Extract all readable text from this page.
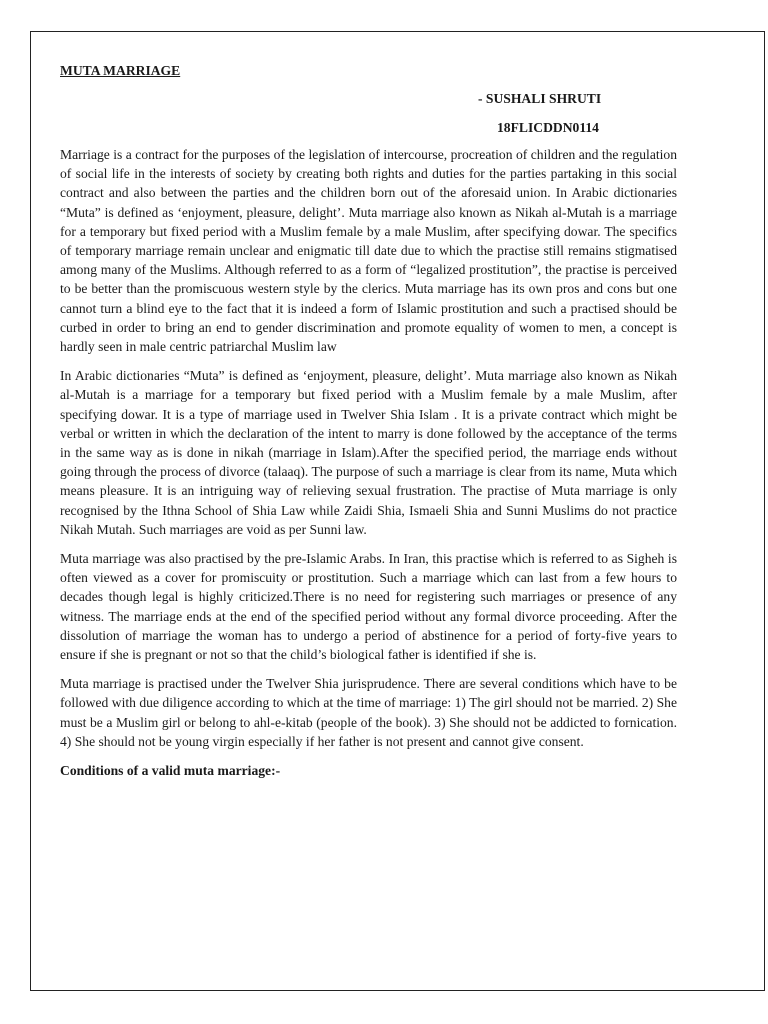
MUTA MARRIAGE

- SUSHALI SHRUTI

18FLICDDN0114

Marriage is a contract for the purposes of the legislation of intercourse, procreation of children and the regulation of social life in the interests of society by creating both rights and duties for the parties partaking in this social contract and also between the parties and the children born out of the aforesaid union. In Arabic dictionaries “Muta” is defined as ‘enjoyment, pleasure, delight’. Muta marriage also known as Nikah al-Mutah is a marriage for a temporary but fixed period with a Muslim female by a male Muslim, after specifying dowar. The specifics of temporary marriage remain unclear and enigmatic till date due to which the practise still remains stigmatised among many of the Muslims. Although referred to as a form of “legalized prostitution”, the practise is perceived to be better than the promiscuous western style by the clerics. Muta marriage has its own pros and cons but one cannot turn a blind eye to the fact that it is indeed a form of Islamic prostitution and such a practised should be curbed in order to bring an end to gender discrimination and promote equality of women to men, a concept is hardly seen in male centric patriarchal Muslim law

In Arabic dictionaries “Muta” is defined as ‘enjoyment, pleasure, delight’. Muta marriage also known as Nikah al-Mutah is a marriage for a temporary but fixed period with a Muslim female by a male Muslim, after specifying dowar. It is a type of marriage used in Twelver Shia Islam . It is a private contract which might be verbal or written in which the declaration of the intent to marry is done followed by the acceptance of the terms in the same way as is done in nikah (marriage in Islam).After the specified period, the marriage ends without going through the process of divorce (talaaq). The purpose of such a marriage is clear from its name, Muta which means pleasure. It is an intriguing way of relieving sexual frustration. The practise of Muta marriage is only recognised by the Ithna School of Shia Law while Zaidi Shia, Ismaeli Shia and Sunni Muslims do not practice Nikah Mutah. Such marriages are void as per Sunni law.

Muta marriage was also practised by the pre-Islamic Arabs. In Iran, this practise which is referred to as Sigheh is often viewed as a cover for promiscuity or prostitution. Such a marriage which can last from a few hours to decades though legal is highly criticized.There is no need for registering such marriages or presence of any witness. The marriage ends at the end of the specified period without any formal divorce proceeding. After the dissolution of marriage the woman has to undergo a period of abstinence for a period of forty-five years to ensure if she is pregnant or not so that the child’s biological father is identified if she is.

Muta marriage is practised under the Twelver Shia jurisprudence. There are several conditions which have to be followed with due diligence according to which at the time of marriage: 1) The girl should not be married. 2) She must be a Muslim girl or belong to ahl-e-kitab (people of the book). 3) She should not be addicted to fornication. 4) She should not be young virgin especially if her father is not present and cannot give consent.

Conditions of a valid muta marriage:-
